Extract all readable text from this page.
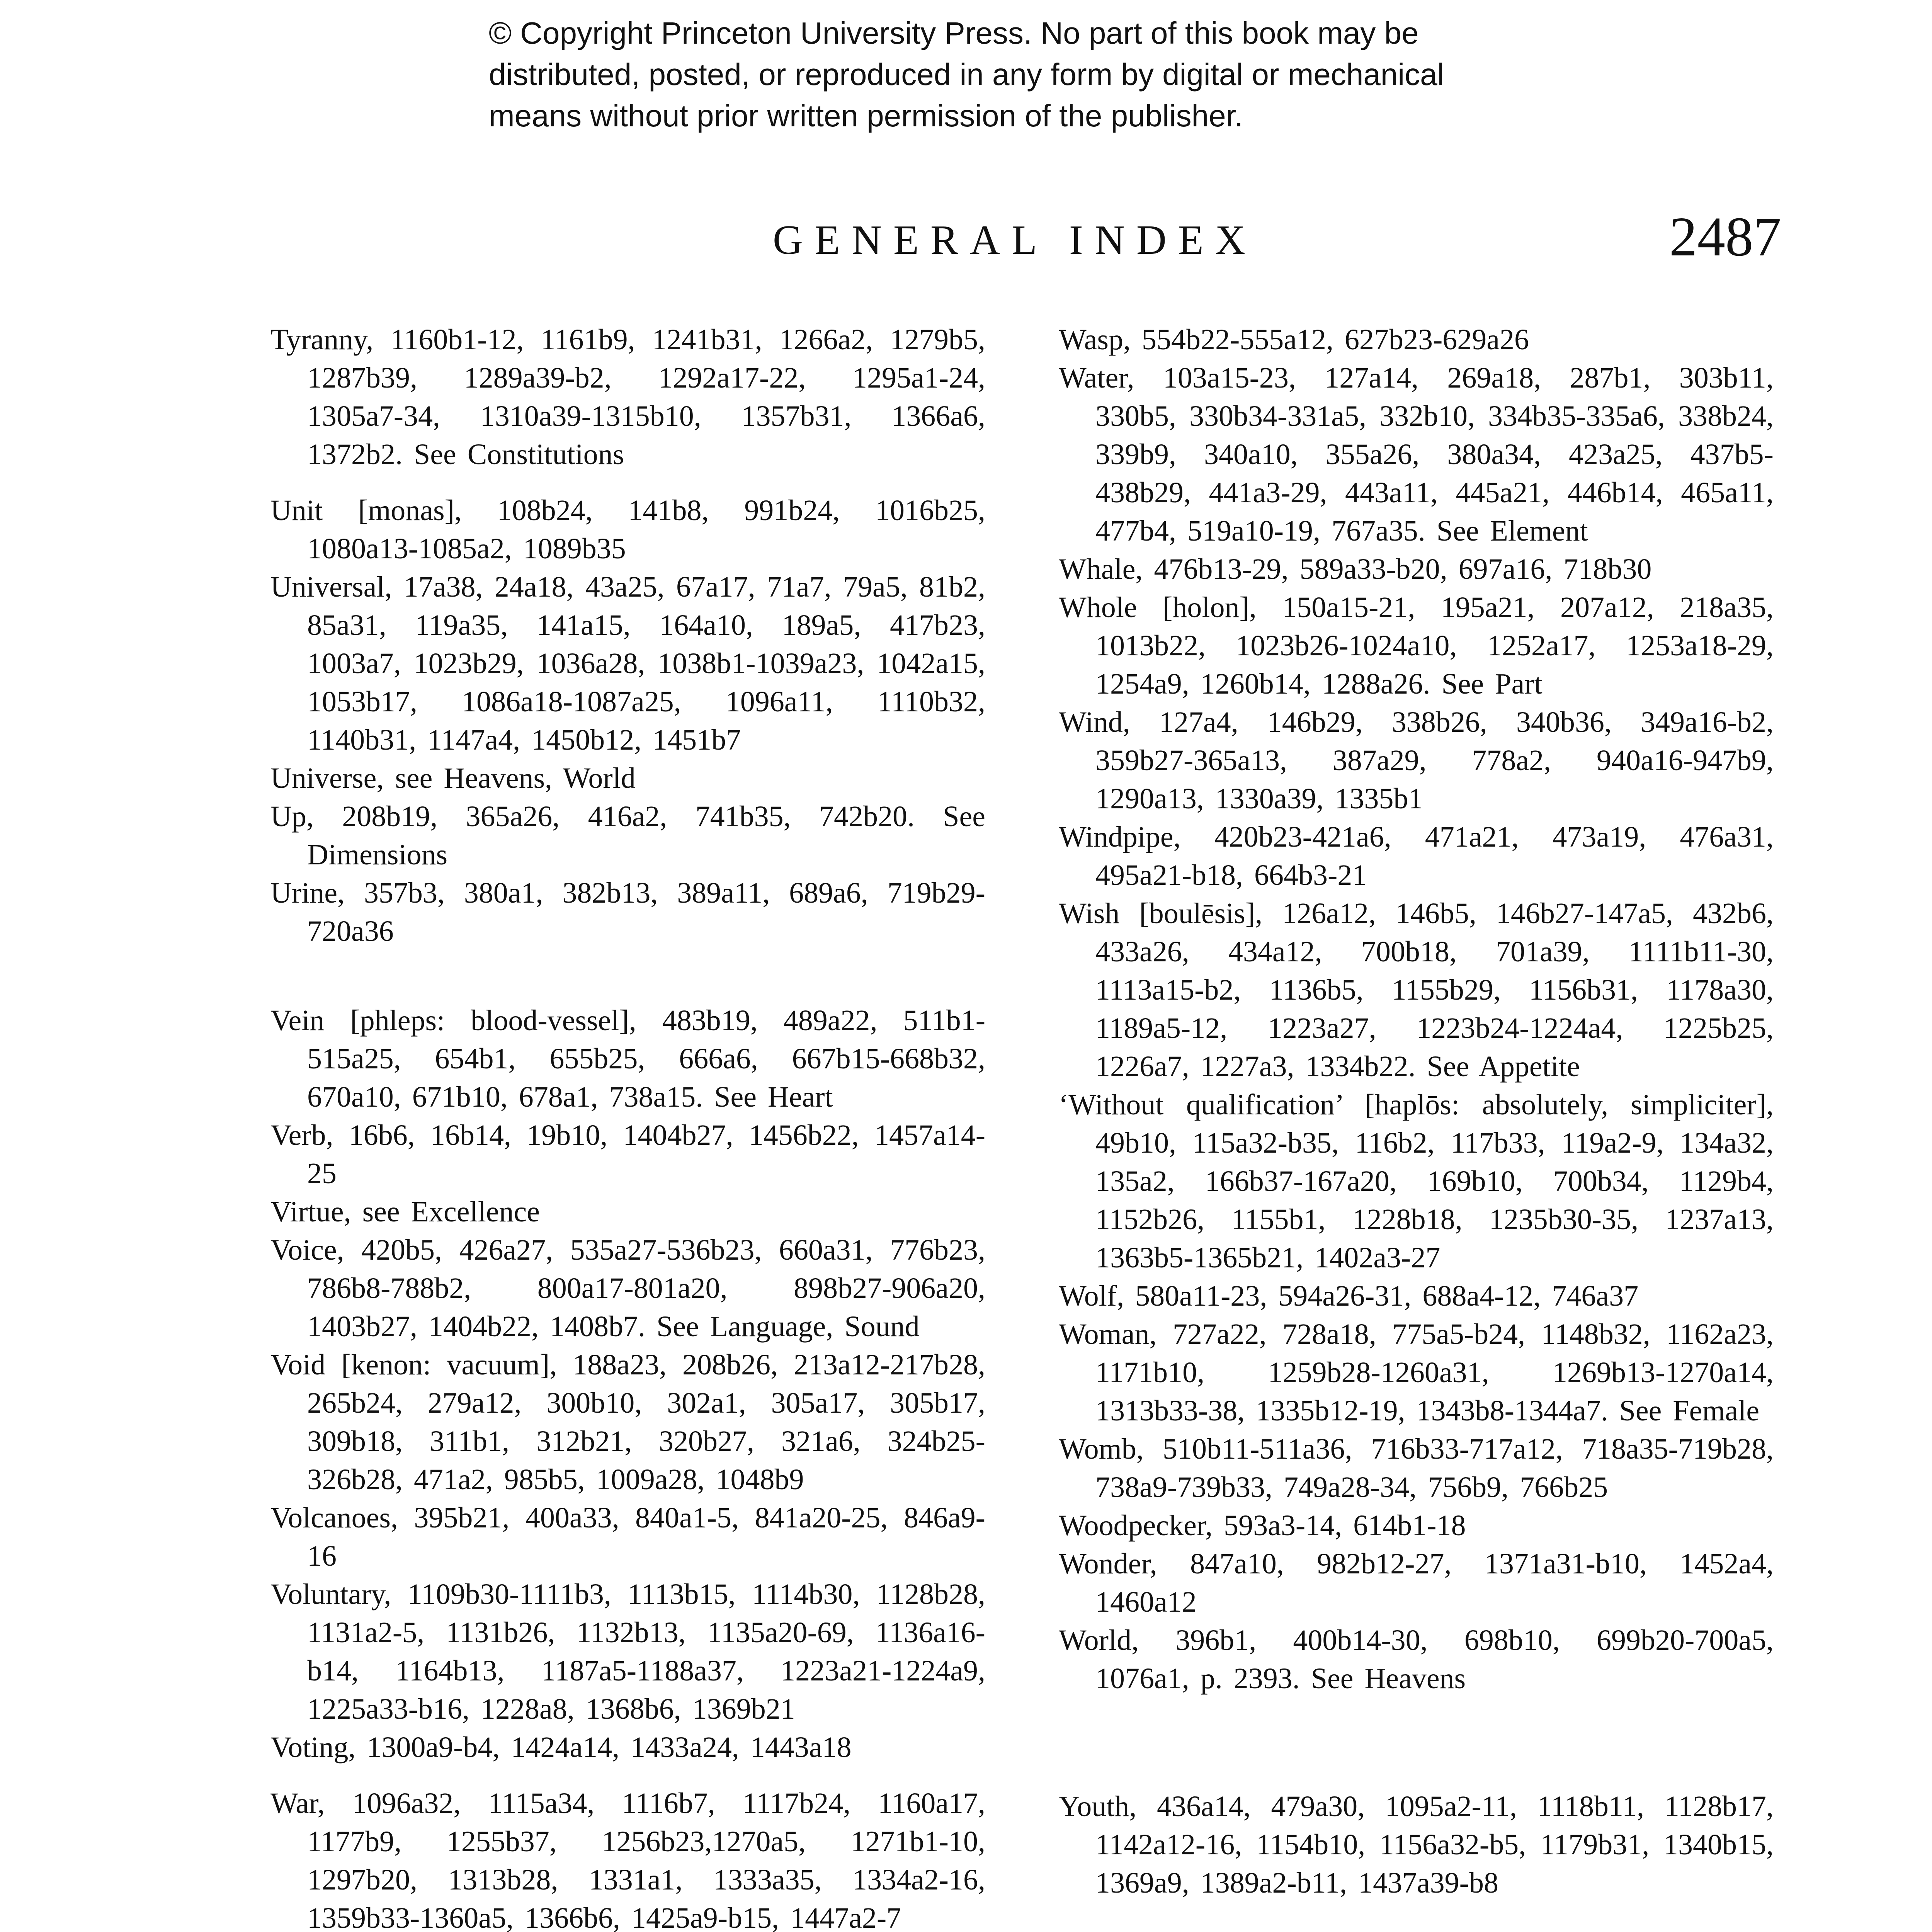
© Copyright Princeton University Press. No part of this book may be
distributed, posted, or reproduced in any form by digital or mechanical
means without prior written permission of the publisher.
GENERAL INDEX	2487
Tyranny, 1160b1-12, 1161b9, 1241b31, 1266a2, 1279b5, 1287b39, 1289a39-b2, 1292a17-22, 1295a1-24, 1305a7-34, 1310a39-1315b10, 1357b31, 1366a6, 1372b2. See Constitutions
Unit [monas], 108b24, 141b8, 991b24, 1016b25, 1080a13-1085a2, 1089b35
Universal, 17a38, 24a18, 43a25, 67a17, 71a7, 79a5, 81b2, 85a31, 119a35, 141a15, 164a10, 189a5, 417b23, 1003a7, 1023b29, 1036a28, 1038b1-1039a23, 1042a15, 1053b17, 1086a18-1087a25, 1096a11, 1110b32, 1140b31, 1147a4, 1450b12, 1451b7
Universe, see Heavens, World
Up, 208b19, 365a26, 416a2, 741b35, 742b20. See Dimensions
Urine, 357b3, 380a1, 382b13, 389a11, 689a6, 719b29-720a36
Vein [phleps: blood-vessel], 483b19, 489a22, 511b1-515a25, 654b1, 655b25, 666a6, 667b15-668b32, 670a10, 671b10, 678a1, 738a15. See Heart
Verb, 16b6, 16b14, 19b10, 1404b27, 1456b22, 1457a14-25
Virtue, see Excellence
Voice, 420b5, 426a27, 535a27-536b23, 660a31, 776b23, 786b8-788b2, 800a17-801a20, 898b27-906a20, 1403b27, 1404b22, 1408b7. See Language, Sound
Void [kenon: vacuum], 188a23, 208b26, 213a12-217b28, 265b24, 279a12, 300b10, 302a1, 305a17, 305b17, 309b18, 311b1, 312b21, 320b27, 321a6, 324b25-326b28, 471a2, 985b5, 1009a28, 1048b9
Volcanoes, 395b21, 400a33, 840a1-5, 841a20-25, 846a9-16
Voluntary, 1109b30-1111b3, 1113b15, 1114b30, 1128b28, 1131a2-5, 1131b26, 1132b13, 1135a20-69, 1136a16-b14, 1164b13, 1187a5-1188a37, 1223a21-1224a9, 1225a33-b16, 1228a8, 1368b6, 1369b21
Voting, 1300a9-b4, 1424a14, 1433a24, 1443a18
War, 1096a32, 1115a34, 1116b7, 1117b24, 1160a17, 1177b9, 1255b37, 1256b23,1270a5, 1271b1-10, 1297b20, 1313b28, 1331a1, 1333a35, 1334a2-16, 1359b33-1360a5, 1366b6, 1425a9-b15, 1447a2-7
Wasp, 554b22-555a12, 627b23-629a26
Water, 103a15-23, 127a14, 269a18, 287b1, 303b11, 330b5, 330b34-331a5, 332b10, 334b35-335a6, 338b24, 339b9, 340a10, 355a26, 380a34, 423a25, 437b5-438b29, 441a3-29, 443a11, 445a21, 446b14, 465a11, 477b4, 519a10-19, 767a35. See Element
Whale, 476b13-29, 589a33-b20, 697a16, 718b30
Whole [holon], 150a15-21, 195a21, 207a12, 218a35, 1013b22, 1023b26-1024a10, 1252a17, 1253a18-29, 1254a9, 1260b14, 1288a26. See Part
Wind, 127a4, 146b29, 338b26, 340b36, 349a16-b2, 359b27-365a13, 387a29, 778a2, 940a16-947b9, 1290a13, 1330a39, 1335b1
Windpipe, 420b23-421a6, 471a21, 473a19, 476a31, 495a21-b18, 664b3-21
Wish [boulēsis], 126a12, 146b5, 146b27-147a5, 432b6, 433a26, 434a12, 700b18, 701a39, 1111b11-30, 1113a15-b2, 1136b5, 1155b29, 1156b31, 1178a30, 1189a5-12, 1223a27, 1223b24-1224a4, 1225b25, 1226a7, 1227a3, 1334b22. See Appetite
‘Without qualification’ [haplōs: absolutely, simpliciter], 49b10, 115a32-b35, 116b2, 117b33, 119a2-9, 134a32, 135a2, 166b37-167a20, 169b10, 700b34, 1129b4, 1152b26, 1155b1, 1228b18, 1235b30-35, 1237a13, 1363b5-1365b21, 1402a3-27
Wolf, 580a11-23, 594a26-31, 688a4-12, 746a37
Woman, 727a22, 728a18, 775a5-b24, 1148b32, 1162a23, 1171b10, 1259b28-1260a31, 1269b13-1270a14, 1313b33-38, 1335b12-19, 1343b8-1344a7. See Female
Womb, 510b11-511a36, 716b33-717a12, 718a35-719b28, 738a9-739b33, 749a28-34, 756b9, 766b25
Woodpecker, 593a3-14, 614b1-18
Wonder, 847a10, 982b12-27, 1371a31-b10, 1452a4, 1460a12
World, 396b1, 400b14-30, 698b10, 699b20-700a5, 1076a1, p. 2393. See Heavens
Youth, 436a14, 479a30, 1095a2-11, 1118b11, 1128b17, 1142a12-16, 1154b10, 1156a32-b5, 1179b31, 1340b15, 1369a9, 1389a2-b11, 1437a39-b8
